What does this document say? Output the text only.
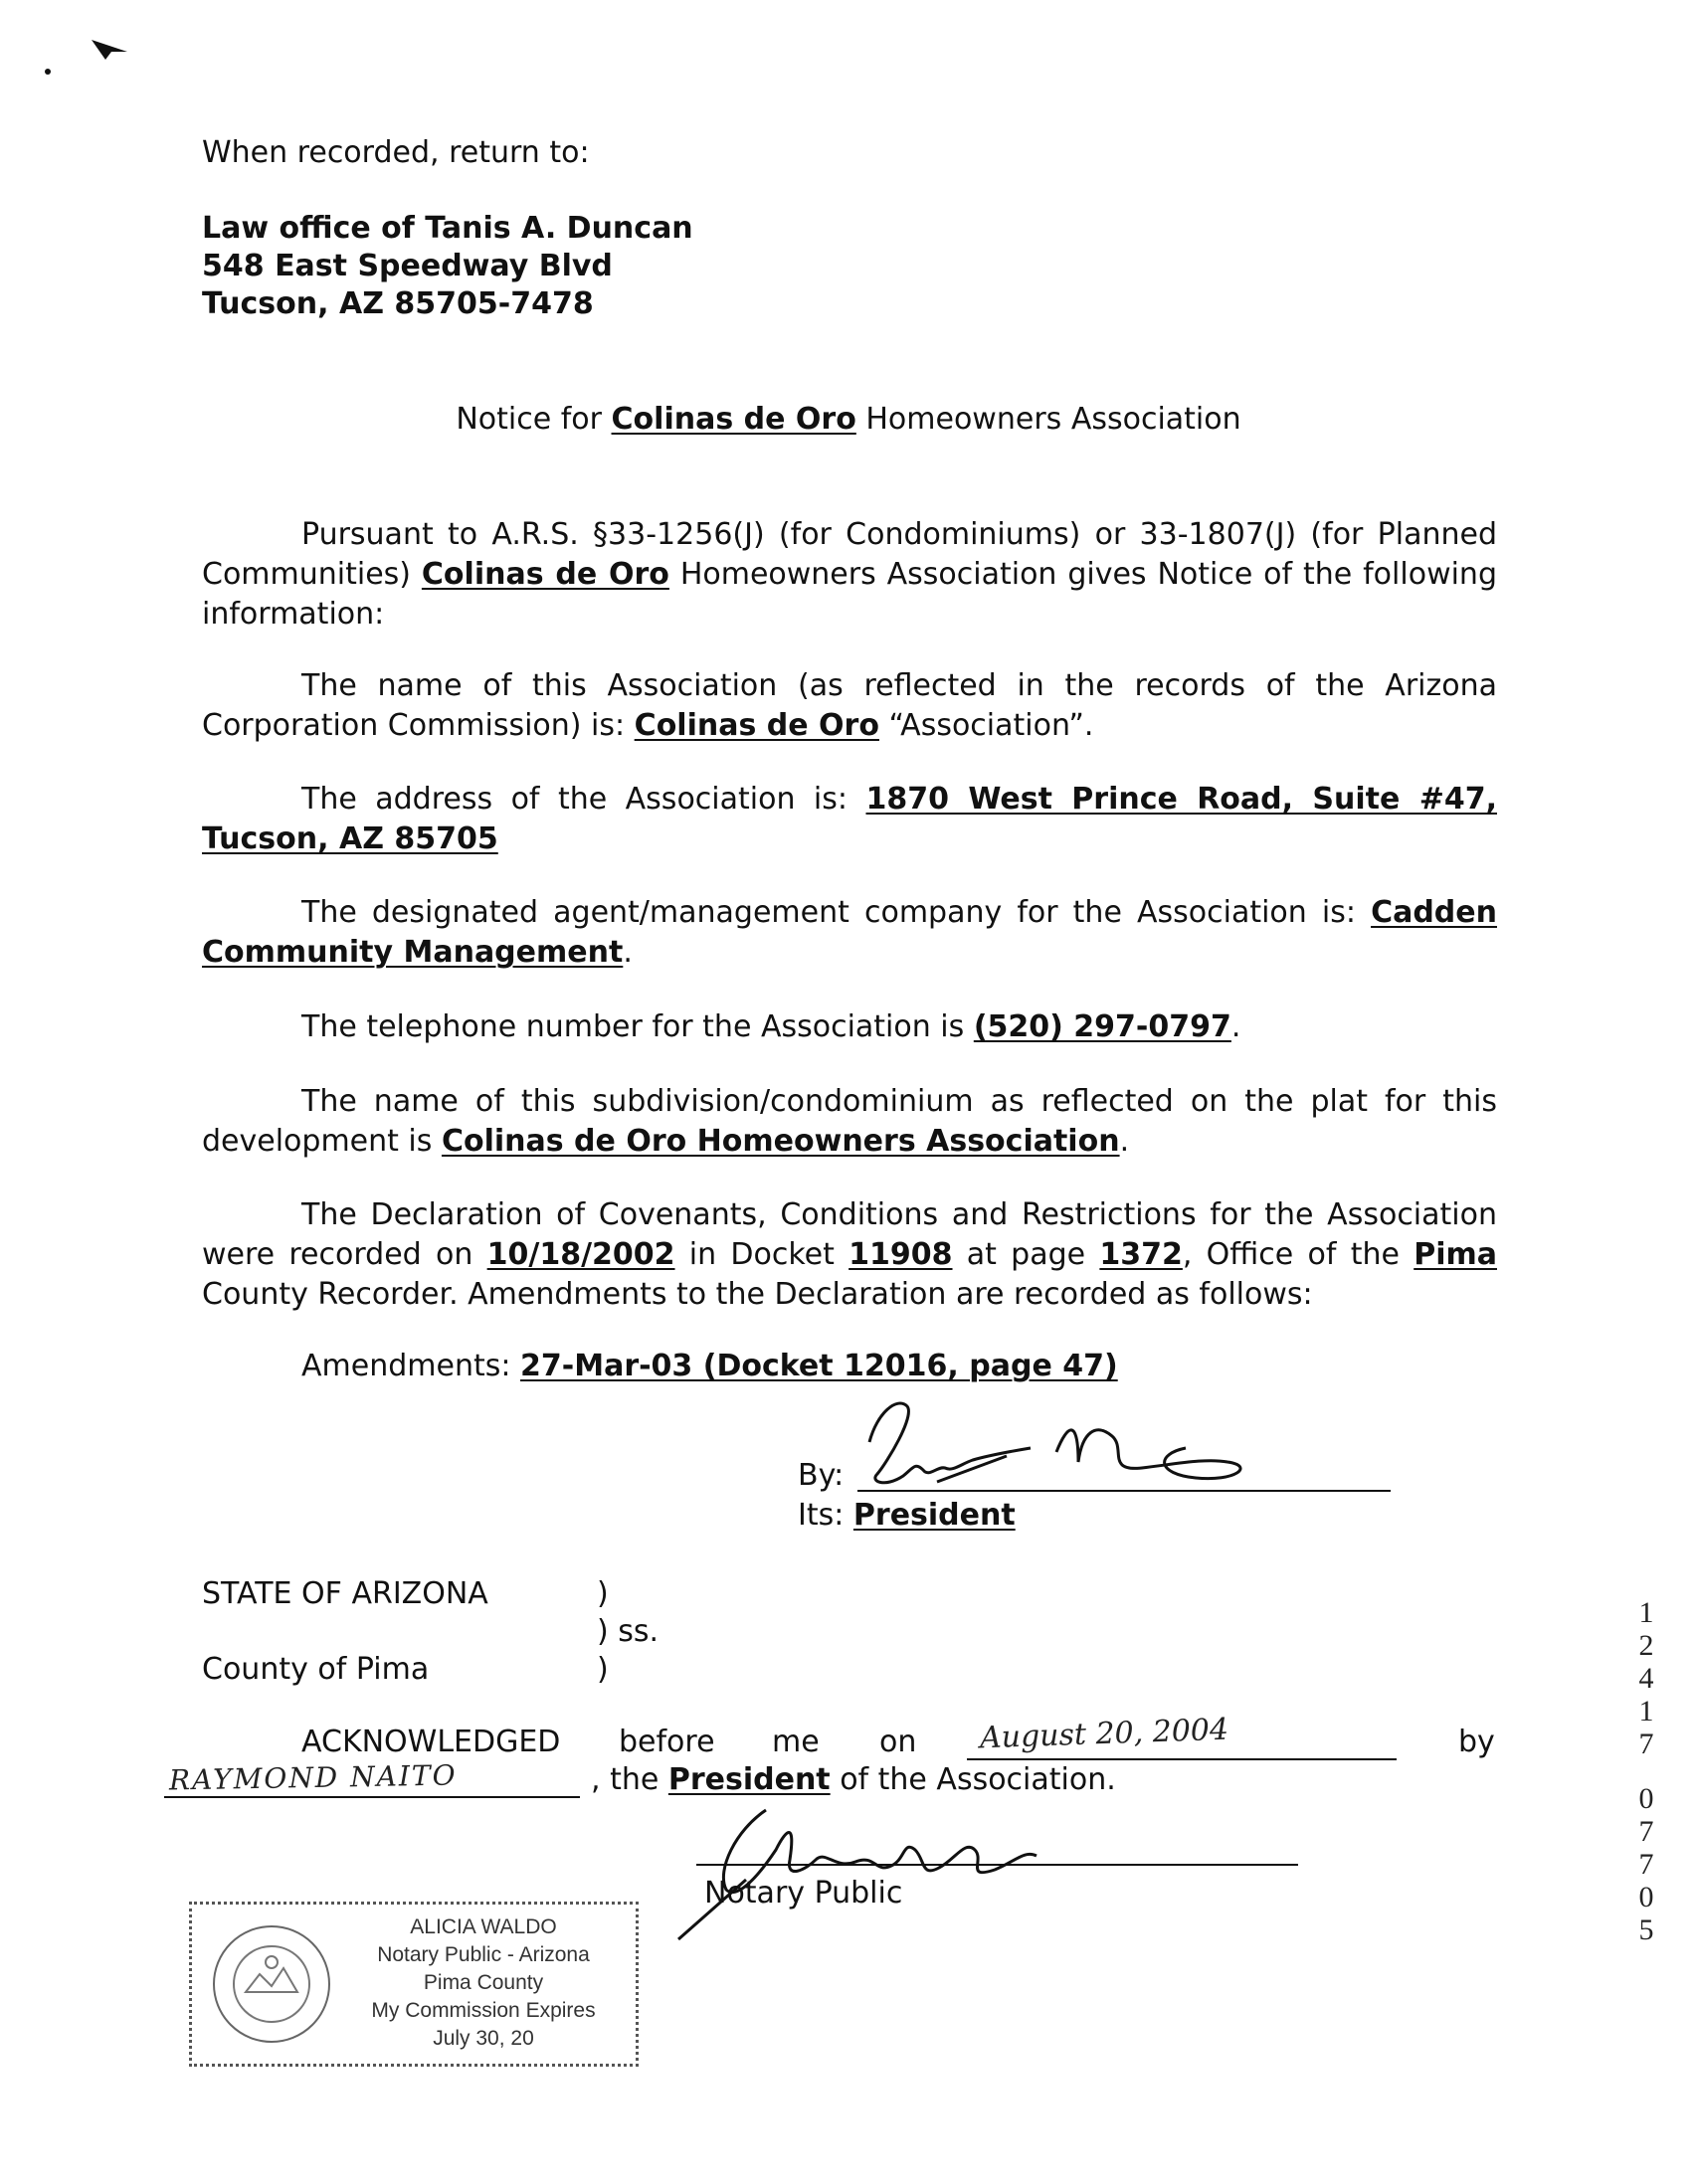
When recorded, return to:

Law office of Tanis A. Duncan

548 East Speedway Blvd

Tucson, AZ 85705-7478

Notice for Colinas de Oro Homeowners Association

Pursuant to A.R.S. §33-1256(J) (for Condominiums) or 33-1807(J) (for Planned Communities) Colinas de Oro Homeowners Association gives Notice of the following information:

The name of this Association (as reflected in the records of the Arizona Corporation Commission) is: Colinas de Oro “Association”.

The address of the Association is: 1870 West Prince Road, Suite #47, Tucson, AZ 85705

The designated agent/management company for the Association is: Cadden Community Management.

The telephone number for the Association is (520) 297-0797.

The name of this subdivision/condominium as reflected on the plat for this development is Colinas de Oro Homeowners Association.

The Declaration of Covenants, Conditions and Restrictions for the Association were recorded on 10/18/2002 in Docket 11908 at page 1372, Office of the Pima County Recorder. Amendments to the Declaration are recorded as follows:

Amendments: 27-Mar-03 (Docket 12016, page 47)

By:

Its: President

STATE OF ARIZONA	)

) ss.

County of Pima	)

ACKNOWLEDGED before me on August 20, 2004	by

RAYMOND NAITO	, the President of the Association.

Notary Public

ALICIA WALDO
Notary Public - Arizona
Pima County
My Commission Expires
July 30, 20
1
2
4
1
7
0
7
7
0
5
